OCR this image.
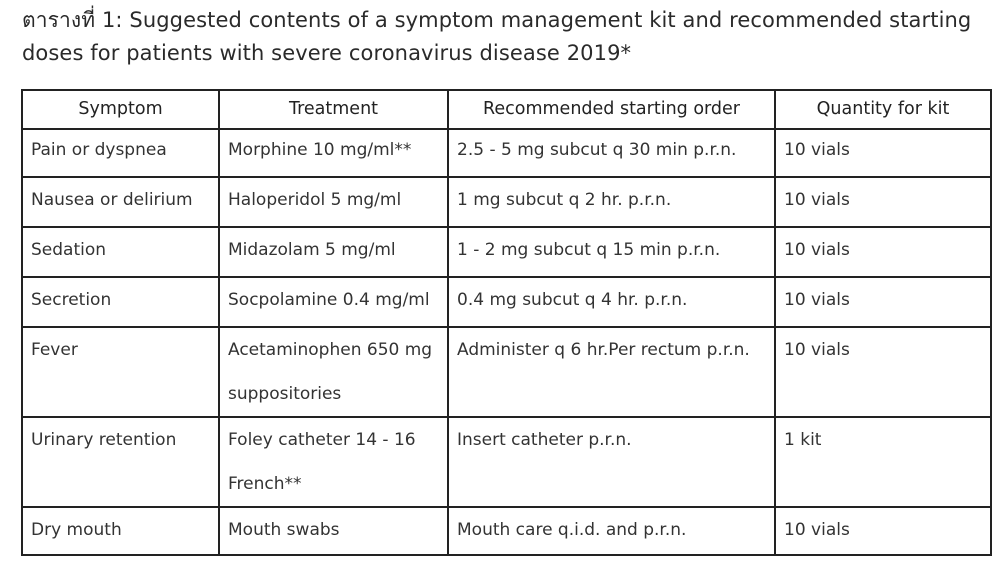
ตารางที่ 1: Suggested contents of a symptom management kit and recommended starting doses for patients with severe coronavirus disease 2019*
Symptom	Treatment	Recommended starting order	Quantity for kit
Pain or dyspnea	Morphine 10 mg/ml**	2.5 - 5 mg subcut q 30 min p.r.n.	10 vials
Nausea or delirium	Haloperidol 5 mg/ml	1 mg subcut q 2 hr. p.r.n.	10 vials
Sedation	Midazolam 5 mg/ml	1 - 2 mg subcut q 15 min p.r.n.	10 vials
Secretion	Socpolamine 0.4 mg/ml	0.4 mg subcut q 4 hr. p.r.n.	10 vials
Fever	Acetaminophen 650 mg suppositories	Administer q 6 hr.Per rectum p.r.n.	10 vials
Urinary retention	Foley catheter 14 - 16 French**	Insert catheter p.r.n.	1 kit
Dry mouth	Mouth swabs	Mouth care q.i.d. and p.r.n.	10 vials
